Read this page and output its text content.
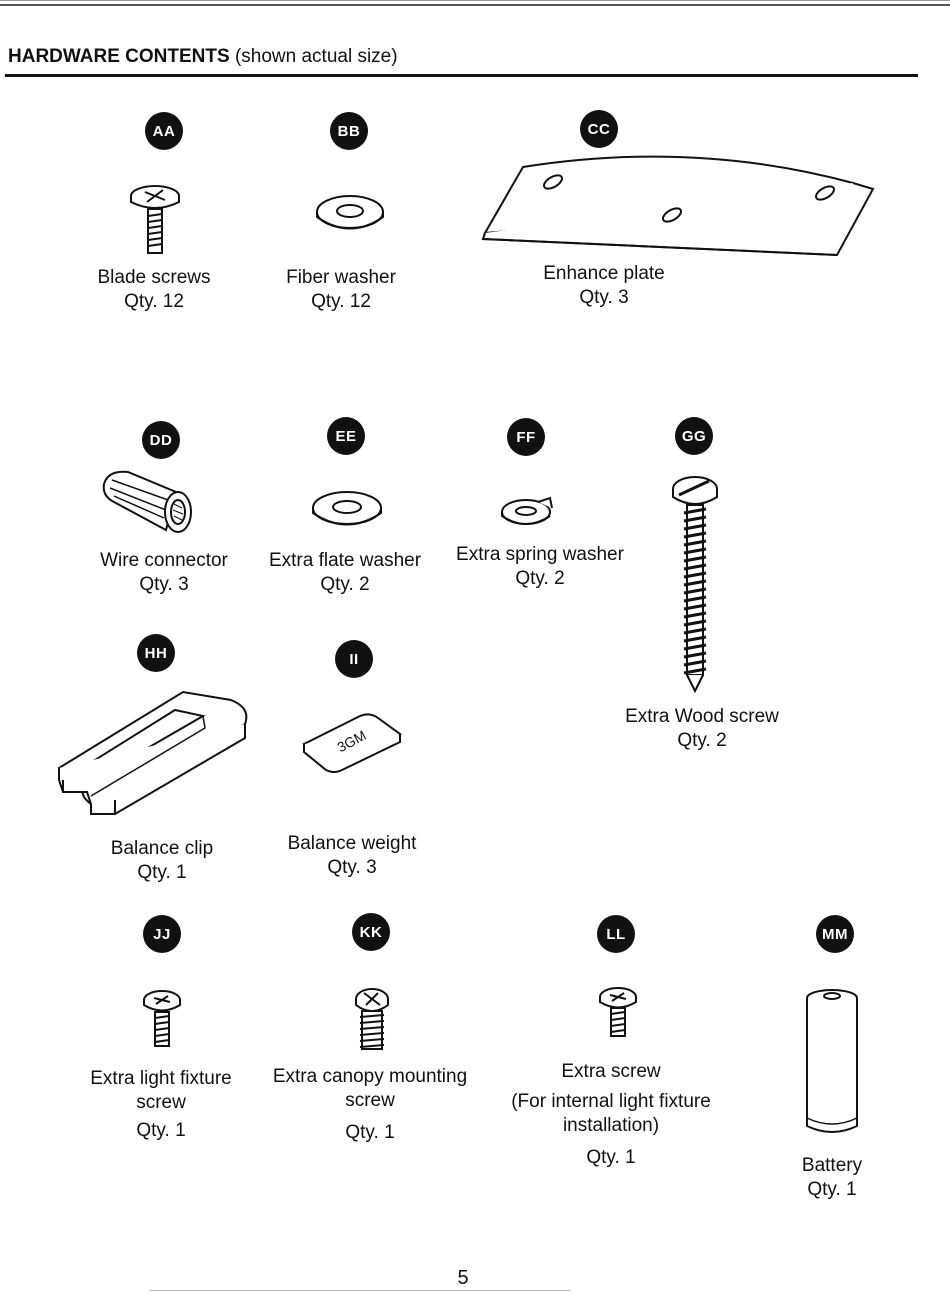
HARDWARE CONTENTS (shown actual size)
AA
Blade screws
Qty. 12
BB
Fiber washer
Qty. 12
CC
Enhance plate
Qty. 3
DD
Wire connector
Qty. 3
EE
Extra flate washer
Qty. 2
FF
Extra spring washer
Qty. 2
GG
Extra Wood screw
Qty. 2
HH
Balance clip
Qty. 1
II
3GM
Balance weight
Qty. 3
JJ
Extra light fixture
screw
Qty. 1
KK
Extra canopy mounting
screw
Qty. 1
LL
Extra screw
(For internal light fixture
installation)
Qty. 1
MM
Battery
Qty. 1
5
